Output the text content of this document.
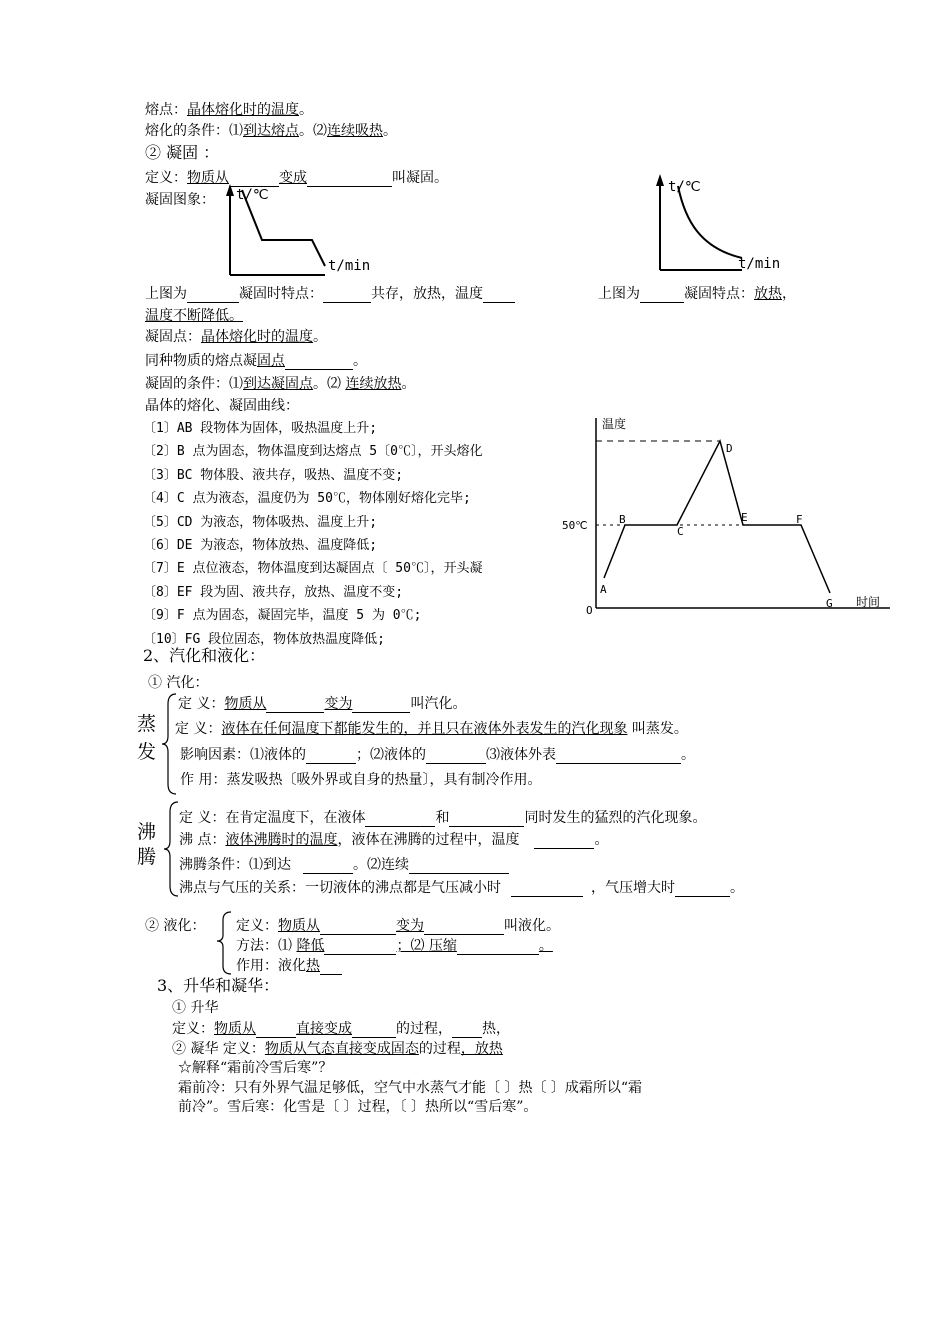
熔点：晶体熔化时的温度。
熔化的条件：⑴到达熔点。⑵连续吸热。
② 凝固 ：
定义：物质从	变成	叫凝固。
凝固图象： t/℃
t/min
t/℃
t/min
上图为	凝固时特点：	共存，放热，温度	上图为	凝固特点：放热，
温度不断降低。
凝固点：晶体熔化时的温度。
同种物质的熔点凝固点	。
凝固的条件：⑴到达凝固点。⑵ 连续放热。
晶体的熔化、凝固曲线：
〔1〕AB 段物体为固体，吸热温度上升;
〔2〕B 点为固态，物体温度到达熔点 5〔0℃〕，开头熔化
〔3〕BC 物体股、液共存，吸热、温度不变;
〔4〕C 点为液态，温度仍为 50℃，物体刚好熔化完毕;
〔5〕CD 为液态，物体吸热、温度上升;
〔6〕DE 为液态，物体放热、温度降低;
〔7〕E 点位液态，物体温度到达凝固点〔 50℃〕，开头凝
〔8〕EF 段为固、液共存，放热、温度不变;
〔9〕F 点为固态，凝固完毕，温度 5 为 0℃;
〔10〕FG 段位固态，物体放热温度降低;
温度
时间
50℃
O
A
B
C
D
E	F
G
2、汽化和液化：
① 汽化：
定 义：物质从	变为	叫汽化。
蒸
发
定 义：液体在任何温度下都能发生的，并且只在液体外表发生的汽化现象 叫蒸发。
影响因素：⑴液体的	；⑵液体的	⑶液体外表	。
作 用：蒸发吸热〔吸外界或自身的热量〕，具有制冷作用。
沸
腾
定 义：在肯定温度下，在液体	和	同时发生的猛烈的汽化现象。
沸 点：液体沸腾时的温度，液体在沸腾的过程中，温度	。
沸腾条件：⑴到达	。⑵连续
沸点与气压的关系：一切液体的沸点都是气压减小时	，气压增大时	。
② 液化： 定义：物质从	变为	叫液化。
方法：⑴ 降低	；⑵ 压缩	。
作用：液化热
3、升华和凝华：
① 升华
定义：物质从	直接变成	的过程， 热，
② 凝华 定义：物质从气态直接变成固态的过程，放热
☆解释“霜前冷雪后寒”？
霜前冷：只有外界气温足够低，空气中水蒸气才能〔 〕热〔 〕成霜所以“霜
前冷”。雪后寒：化雪是〔 〕过程，〔 〕热所以“雪后寒”。
